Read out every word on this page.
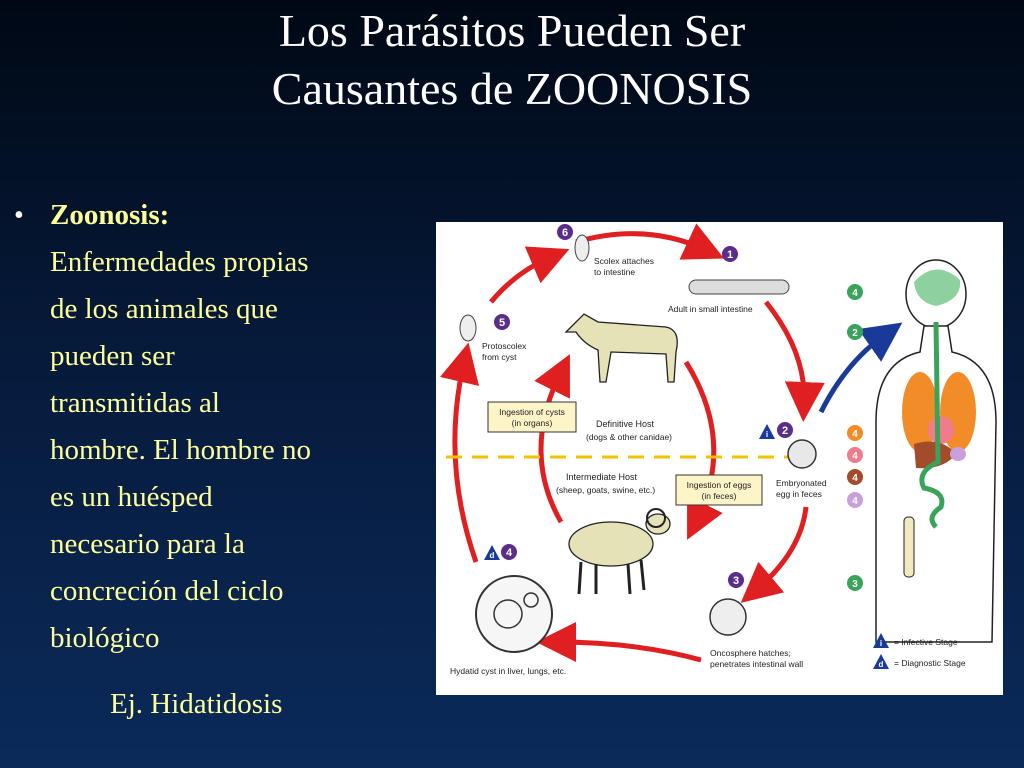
Los Parásitos Pueden Ser
Causantes de ZOONOSIS
• Zoonosis:
Enfermedades propias
de los animales que
pueden ser
transmitidas al
hombre. El hombre no
es un huésped
necesario para la
concreción del ciclo
biológico
Ej. Hidatidosis
6
Scolex attaches
to intestine
1
Adult in small intestine
5
Protoscolex
from cyst
Definitive Host
(dogs & other canidae)
Ingestion of cysts
(in organs)
i 2
Embryonated
egg in feces
Intermediate Host
(sheep, goats, swine, etc.)	Ingestion of eggs
(in feces)
3
Oncosphere hatches;
penetrates intestinal wall
d 4
Hydatid cyst in liver, lungs, etc.
4
2
4
4
4
4
3
i = Infective Stage
d = Diagnostic Stage
